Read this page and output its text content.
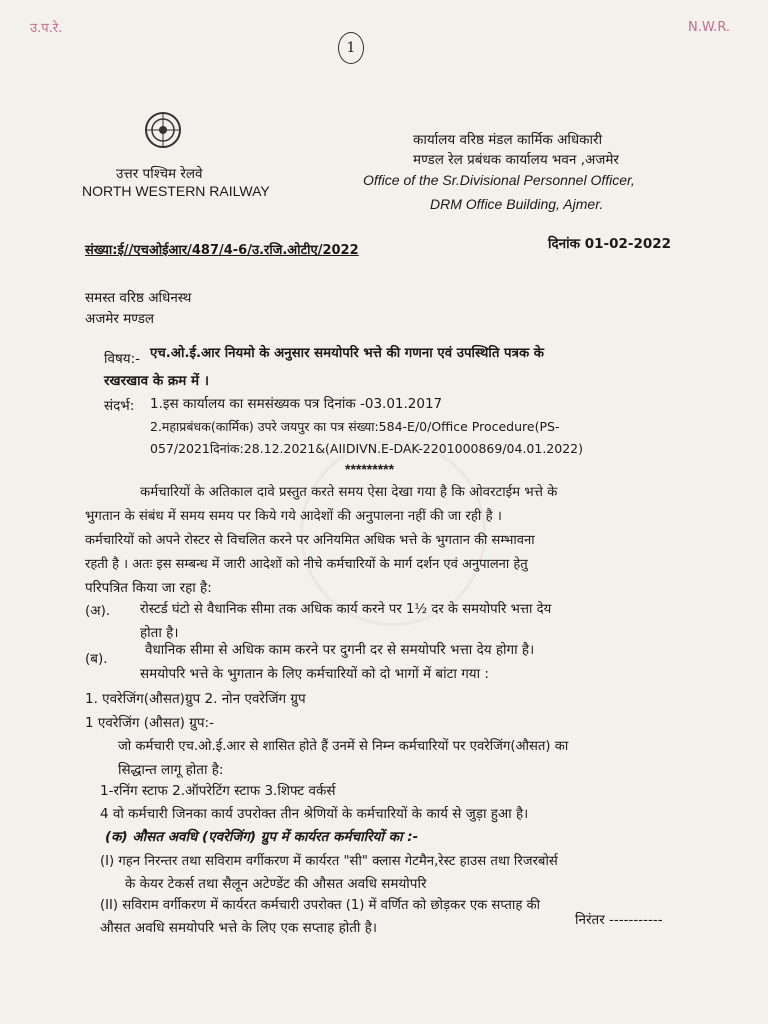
उ.प.रे.	N.W.R.
1
उत्तर पश्चिम रेलवे
NORTH WESTERN RAILWAY
कार्यालय वरिष्ठ मंडल कार्मिक अधिकारी
मण्डल रेल प्रबंधक कार्यालय भवन ,अजमेर
Office of the Sr.Divisional Personnel Officer,
DRM Office Building, Ajmer.
संख्या:ई//एचओईआर/487/4-6/उ.रजि.ओटीए/2022	दिनांक 01-02-2022
समस्त वरिष्ठ अधिनस्थ
अजमेर मण्डल
विषय:- एच.ओ.ई.आर नियमो के अनुसार समयोपरि भत्ते की गणना एवं उपस्थिति पत्रक के
रखरखाव के क्रम में ।
संदर्भ: 1.इस कार्यालय का समसंख्यक पत्र दिनांक -03.01.2017
2.महाप्रबंधक(कार्मिक) उपरे जयपुर का पत्र संख्या:584-E/0/Office Procedure(PS-
057/2021दिनांक:28.12.2021&(AIIDIVN.E-DAK-2201000869/04.01.2022)
*********
कर्मचारियों के अतिकाल दावे प्रस्तुत करते समय ऐसा देखा गया है कि ओवरटाईम भत्ते के
भुगतान के संबंध में समय समय पर किये गये आदेशों की अनुपालना नहीं की जा रही है ।
कर्मचारियों को अपने रोस्टर से विचलित करने पर अनियमित अधिक भत्ते के भुगतान की सम्भावना
रहती है । अतः इस सम्बन्ध में जारी आदेशों को नीचे कर्मचारियों के मार्ग दर्शन एवं अनुपालना हेतु
परिपत्रित किया जा रहा है:
(अ). रोस्टर्ड घंटो से वैधानिक सीमा तक अधिक कार्य करने पर 1½ दर के समयोपरि भत्ता देय
होता है।
(ब).
वैधानिक सीमा से अधिक काम करने पर दुगनी दर से समयोपरि भत्ता देय होगा है।
समयोपरि भत्ते के भुगतान के लिए कर्मचारियों को दो भागों में बांटा गया :
1. एवरेजिंग(औसत)ग्रुप 2. नोन एवरेजिंग ग्रुप
1 एवरेजिंग (औसत) ग्रुप:-
जो कर्मचारी एच.ओ.ई.आर से शासित होते हैं उनमें से निम्न कर्मचारियों पर एवरेजिंग(औसत) का
सिद्धान्त लागू होता है:
1-रनिंग स्टाफ 2.ऑपरेटिंग स्टाफ 3.शिफ्ट वर्कर्स
4 वो कर्मचारी जिनका कार्य उपरोक्त तीन श्रेणियों के कर्मचारियों के कार्य से जुड़ा हुआ है।
(क) औसत अवधि (एवरेजिंग) ग्रुप में कार्यरत कर्मचारियों का :-
(I) गहन निरन्तर तथा सविराम वर्गीकरण में कार्यरत "सी" क्लास गेटमैन,रेस्ट हाउस तथा रिजरबोर्स
के केयर टेकर्स तथा सैलून अटेण्डेंट की औसत अवधि समयोपरि
(II) सविराम वर्गीकरण में कार्यरत कर्मचारी उपरोक्त (1) में वर्णित को छोड़कर एक सप्ताह की
औसत अवधि समयोपरि भत्ते के लिए एक सप्ताह होती है।	निरंतर -----------
